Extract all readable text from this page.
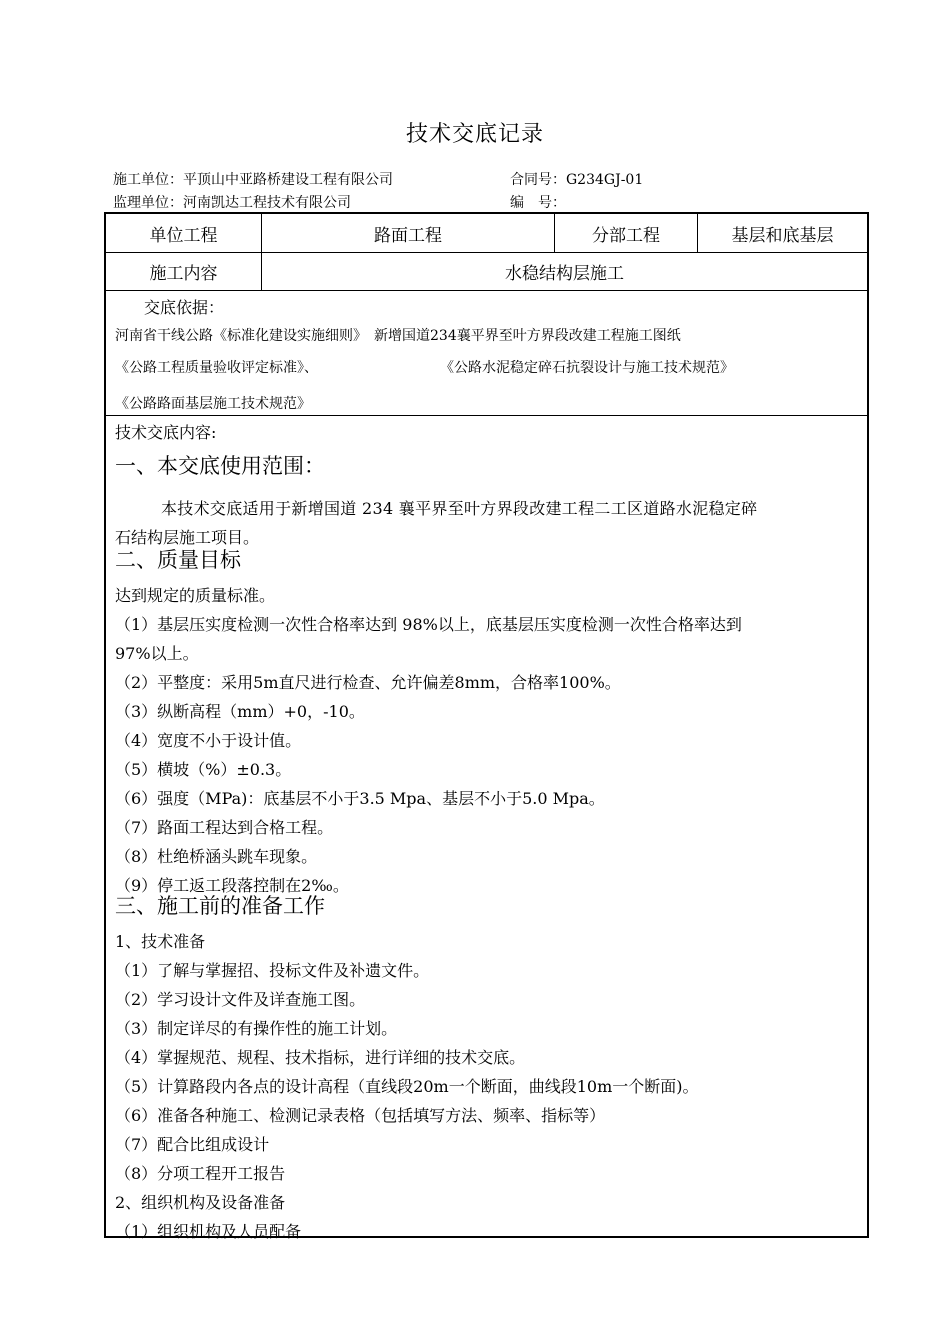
技术交底记录
施工单位：平顶山中亚路桥建设工程有限公司	合同号：G234GJ-01
监理单位：河南凯达工程技术有限公司	编　号：
单位工程	路面工程	分部工程	基层和底基层
施工内容	水稳结构层施工
交底依据：
河南省干线公路《标准化建设实施细则》　新增国道234襄平界至叶方界段改建工程施工图纸
《公路工程质量验收评定标准》、	《公路水泥稳定碎石抗裂设计与施工技术规范》
《公路路面基层施工技术规范》
技术交底内容:
一、本交底使用范围：
本技术交底适用于新增国道 234 襄平界至叶方界段改建工程二工区道路水泥稳定碎
石结构层施工项目。
二、质量目标
达到规定的质量标准。
（1）基层压实度检测一次性合格率达到 98%以上，底基层压实度检测一次性合格率达到
97%以上。
（2）平整度：采用5m直尺进行检查、允许偏差8mm，合格率100%。
（3）纵断高程（mm）+0，-10。
（4）宽度不小于设计值。
（5）横坡（%）±0.3。
（6）强度（MPa)：底基层不小于3.5 Mpa、基层不小于5.0 Mpa。
（7）路面工程达到合格工程。
（8）杜绝桥涵头跳车现象。
（9）停工返工段落控制在2‰。
三、施工前的准备工作
1、技术准备
（1）了解与掌握招、投标文件及补遗文件。
（2）学习设计文件及详查施工图。
（3）制定详尽的有操作性的施工计划。
（4）掌握规范、规程、技术指标，进行详细的技术交底。
（5）计算路段内各点的设计高程（直线段20m一个断面，曲线段10m一个断面)。
（6）准备各种施工、检测记录表格（包括填写方法、频率、指标等）
（7）配合比组成设计
（8）分项工程开工报告
2、组织机构及设备准备
（1）组织机构及人员配备
